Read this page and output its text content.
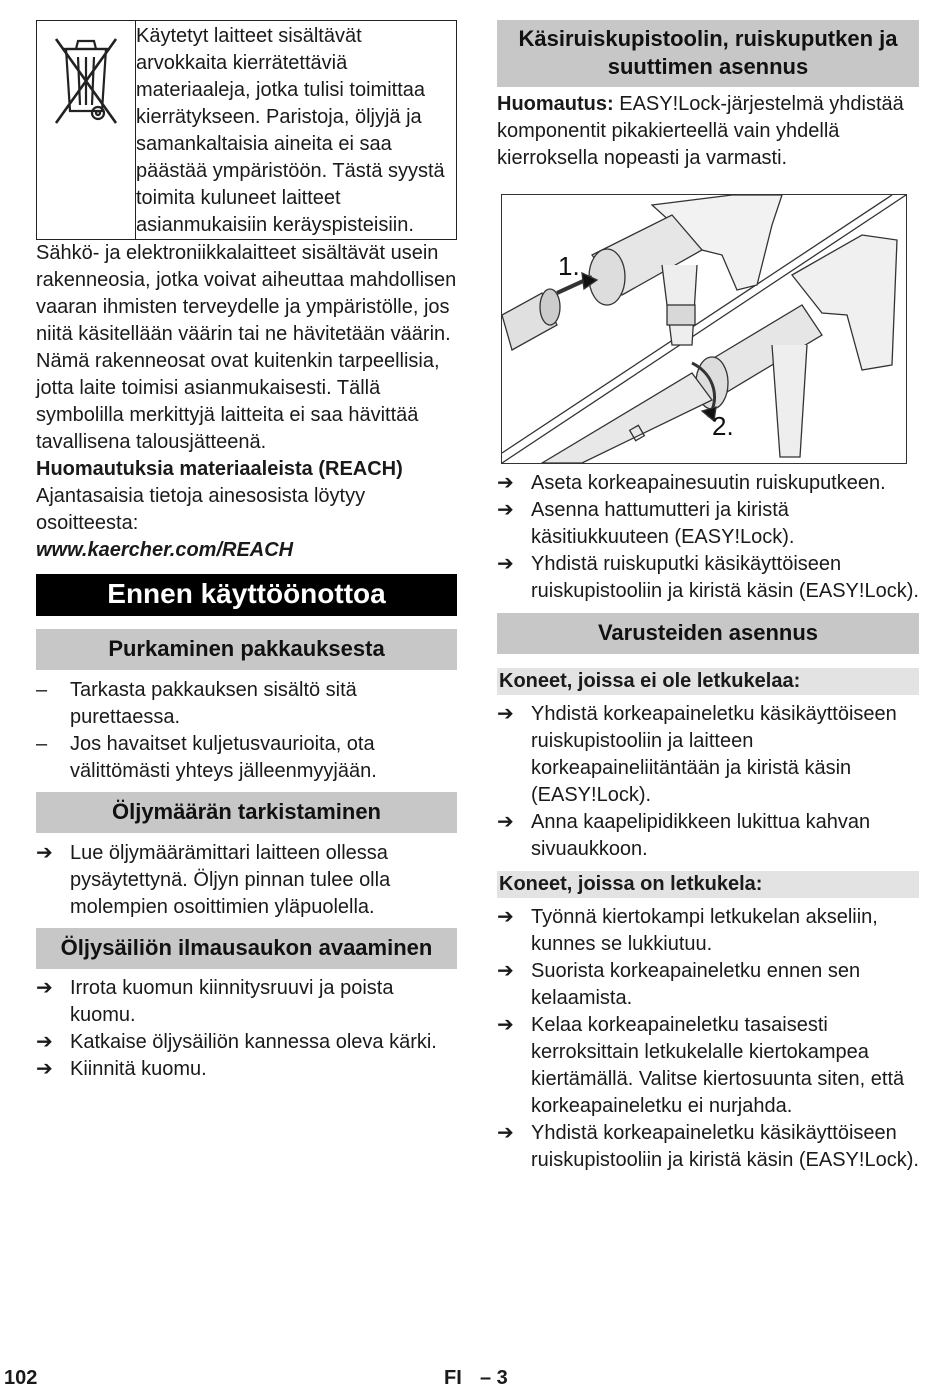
Käytetyt laitteet sisältävät arvokkaita kierrätettäviä materiaaleja, jotka tulisi toimittaa kierrätykseen. Paristoja, öljyjä ja samankaltaisia aineita ei saa päästää ympäristöön. Tästä syystä toimita kuluneet laitteet asianmukaisiin keräyspisteisiin.

Sähkö- ja elektroniikkalaitteet sisältävät usein rakenneosia, jotka voivat aiheuttaa mahdollisen vaaran ihmisten terveydelle ja ympäristölle, jos niitä käsitellään väärin tai ne hävitetään väärin. Nämä rakenneosat ovat kuitenkin tarpeellisia, jotta laite toimisi asianmukaisesti. Tällä symbolilla merkittyjä laitteita ei saa hävittää tavallisena talousjätteenä.

Huomautuksia materiaaleista (REACH)

Ajantasaisia tietoja ainesosista löytyy osoitteesta:

www.kaercher.com/REACH

Ennen käyttöönottoa
Purkaminen pakkauksesta
–	Tarkasta pakkauksen sisältö sitä purettaessa.
–	Jos havaitset kuljetusvaurioita, ota välittömästi yhteys jälleenmyyjään.
Öljymäärän tarkistaminen
➔ Lue öljymäärämittari laitteen ollessa pysäytettynä. Öljyn pinnan tulee olla molempien osoittimien yläpuolella.
Öljysäiliön ilmausaukon avaaminen
➔ Irrota kuomun kiinnitysruuvi ja poista kuomu.
➔ Katkaise öljysäiliön kannessa oleva kärki.
➔ Kiinnitä kuomu.
Käsiruiskupistoolin, ruiskuputken ja suuttimen asennus

Huomautus: EASY!Lock-järjestelmä yhdistää komponentit pikakierteellä vain yhdellä kierroksella nopeasti ja varmasti.

1.
2.
➔ Aseta korkeapainesuutin ruiskuputkeen.
➔ Asenna hattumutteri ja kiristä käsitiukkuuteen (EASY!Lock).
➔ Yhdistä ruiskuputki käsikäyttöiseen ruiskupistooliin ja kiristä käsin (EASY!Lock).
Varusteiden asennus
Koneet, joissa ei ole letkukelaa:
➔ Yhdistä korkeapaineletku käsikäyttöiseen ruiskupistooliin ja laitteen korkeapaineliitäntään ja kiristä käsin (EASY!Lock).
➔ Anna kaapelipidikkeen lukittua kahvan sivuaukkoon.
Koneet, joissa on letkukela:
➔ Työnnä kiertokampi letkukelan akseliin, kunnes se lukkiutuu.
➔ Suorista korkeapaineletku ennen sen kelaamista.
➔ Kelaa korkeapaineletku tasaisesti kerroksittain letkukelalle kiertokampea kiertämällä. Valitse kiertosuunta siten, että korkeapaineletku ei nurjahda.
➔ Yhdistä korkeapaineletku käsikäyttöiseen ruiskupistooliin ja kiristä käsin (EASY!Lock).
102	FI – 3
